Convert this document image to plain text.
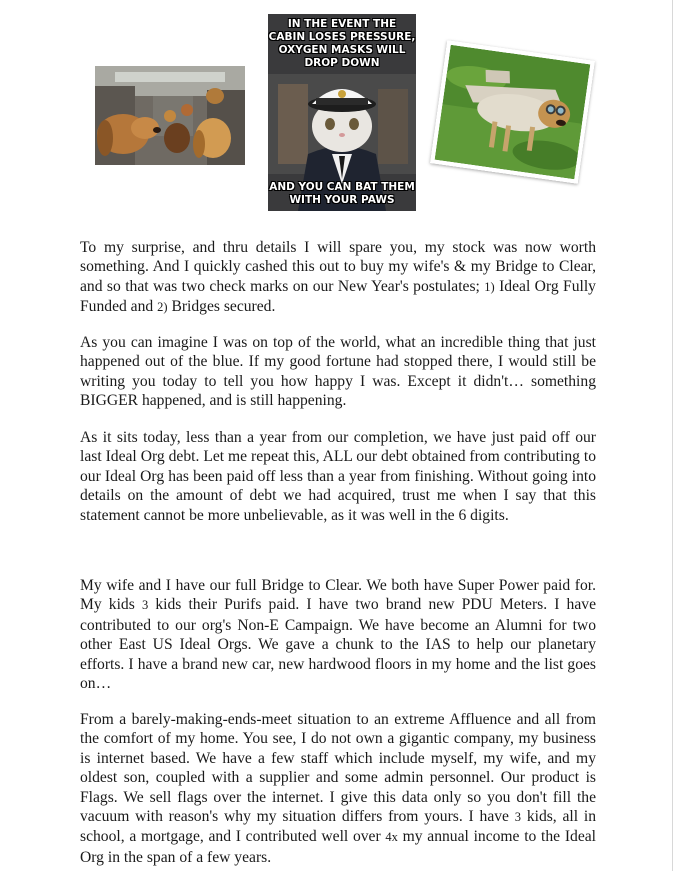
IN THE EVENT THE CABIN LOSES PRESSURE, OXYGEN MASKS WILL DROP DOWN
AND YOU CAN BAT THEM WITH YOUR PAWS

To my surprise, and thru details I will spare you, my stock was now worth something. And I quickly cashed this out to buy my wife's & my Bridge to Clear, and so that was two check marks on our New Year's postulates; 1) Ideal Org Fully Funded and 2) Bridges secured.

As you can imagine I was on top of the world, what an incredible thing that just happened out of the blue. If my good fortune had stopped there, I would still be writing you today to tell you how happy I was. Except it didn't… something BIGGER happened, and is still happening.

As it sits today, less than a year from our completion, we have just paid off our last Ideal Org debt. Let me repeat this, ALL our debt obtained from contributing to our Ideal Org has been paid off less than a year from finishing. Without going into details on the amount of debt we had acquired, trust me when I say that this statement cannot be more unbelievable, as it was well in the 6 digits.

My wife and I have our full Bridge to Clear. We both have Super Power paid for. My kids 3 kids their Purifs paid. I have two brand new PDU Meters. I have contributed to our org's Non-E Campaign. We have become an Alumni for two other East US Ideal Orgs. We gave a chunk to the IAS to help our planetary efforts. I have a brand new car, new hardwood floors in my home and the list goes on…

From a barely-making-ends-meet situation to an extreme Affluence and all from the comfort of my home. You see, I do not own a gigantic company, my business is internet based. We have a few staff which include myself, my wife, and my oldest son, coupled with a supplier and some admin personnel. Our product is Flags. We sell flags over the internet. I give this data only so you don't fill the vacuum with reason's why my situation differs from yours. I have 3 kids, all in school, a mortgage, and I contributed well over 4x my annual income to the Ideal Org in the span of a few years.
